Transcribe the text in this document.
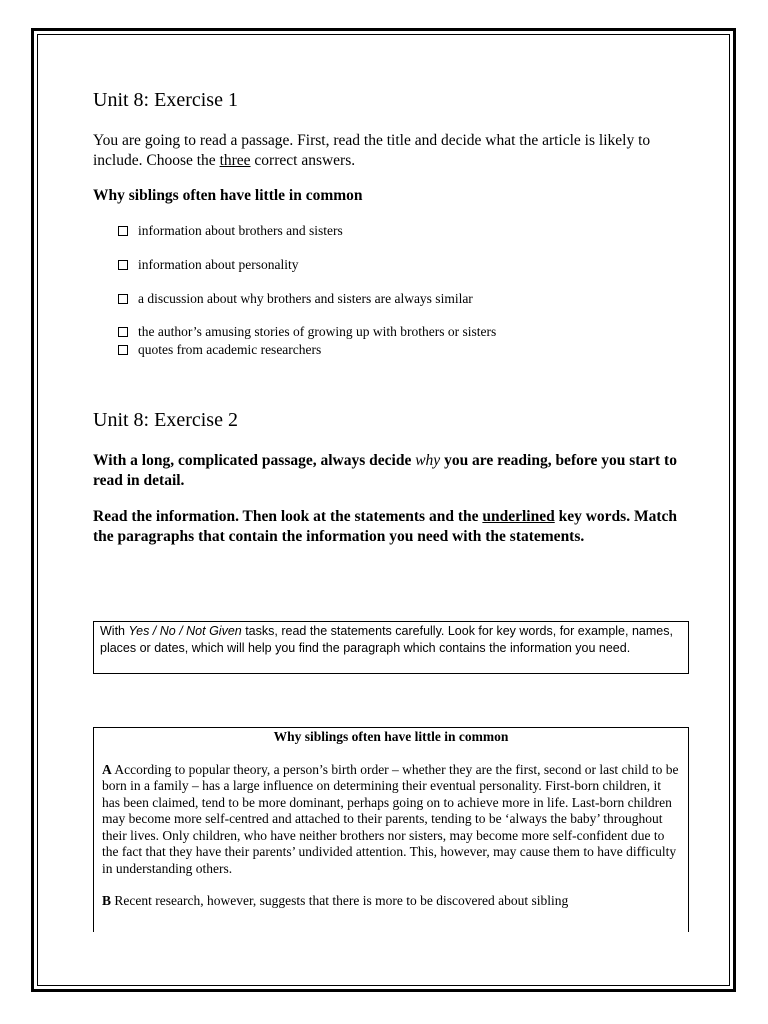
Unit 8: Exercise 1

You are going to read a passage. First, read the title and decide what the article is likely to include. Choose the three correct answers.

Why siblings often have little in common
information about brothers and sisters
information about personality
a discussion about why brothers and sisters are always similar
the author’s amusing stories of growing up with brothers or sisters
quotes from academic researchers
Unit 8: Exercise 2

With a long, complicated passage, always decide why you are reading, before you start to read in detail.

Read the information. Then look at the statements and the underlined key words. Match the paragraphs that contain the information you need with the statements.

With Yes / No / Not Given tasks, read the statements carefully. Look for key words, for example, names, places or dates, which will help you find the paragraph which contains the information you need.
Why siblings often have little in common

A According to popular theory, a person’s birth order – whether they are the first, second or last child to be born in a family – has a large influence on determining their eventual personality. First-born children, it has been claimed, tend to be more dominant, perhaps going on to achieve more in life. Last-born children may become more self-centred and attached to their parents, tending to be ‘always the baby’ throughout their lives. Only children, who have neither brothers nor sisters, may become more self-confident due to the fact that they have their parents’ undivided attention. This, however, may cause them to have difficulty in understanding others.

B Recent research, however, suggests that there is more to be discovered about sibling
